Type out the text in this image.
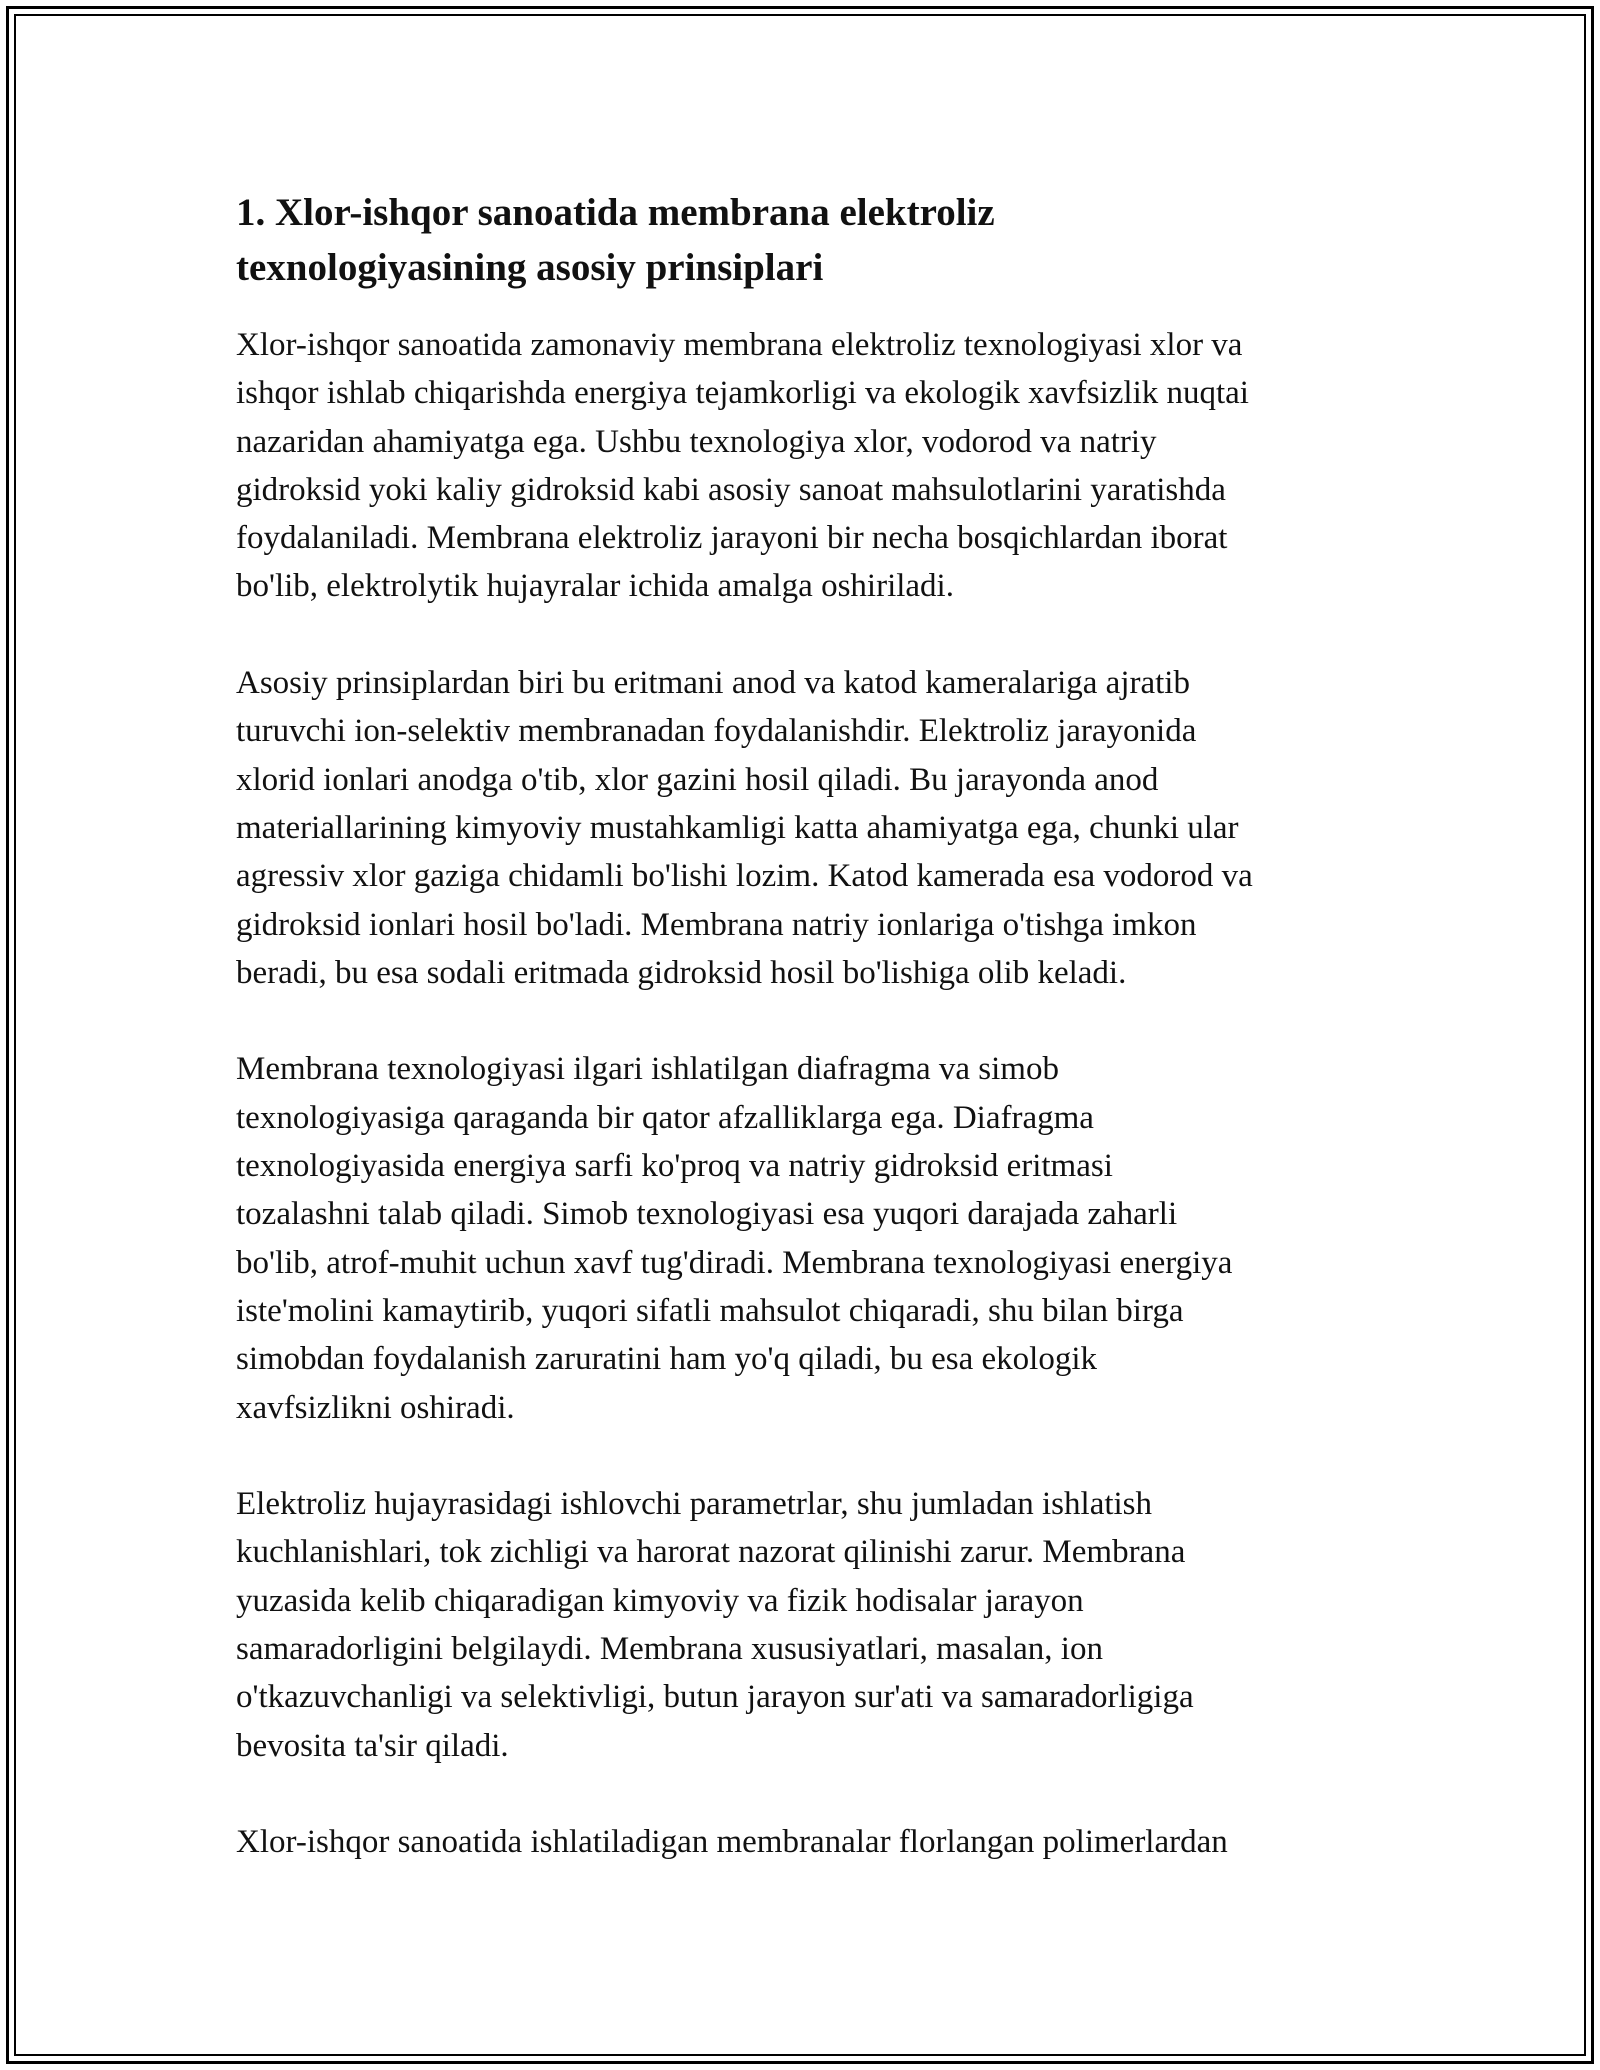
1. Xlor-ishqor sanoatida membrana elektroliz
texnologiyasining asosiy prinsiplari

Xlor-ishqor sanoatida zamonaviy membrana elektroliz texnologiyasi xlor va
ishqor ishlab chiqarishda energiya tejamkorligi va ekologik xavfsizlik nuqtai
nazaridan ahamiyatga ega. Ushbu texnologiya xlor, vodorod va natriy
gidroksid yoki kaliy gidroksid kabi asosiy sanoat mahsulotlarini yaratishda
foydalaniladi. Membrana elektroliz jarayoni bir necha bosqichlardan iborat
bo'lib, elektrolytik hujayralar ichida amalga oshiriladi.

Asosiy prinsiplardan biri bu eritmani anod va katod kameralariga ajratib
turuvchi ion-selektiv membranadan foydalanishdir. Elektroliz jarayonida
xlorid ionlari anodga o'tib, xlor gazini hosil qiladi. Bu jarayonda anod
materiallarining kimyoviy mustahkamligi katta ahamiyatga ega, chunki ular
agressiv xlor gaziga chidamli bo'lishi lozim. Katod kamerada esa vodorod va
gidroksid ionlari hosil bo'ladi. Membrana natriy ionlariga o'tishga imkon
beradi, bu esa sodali eritmada gidroksid hosil bo'lishiga olib keladi.

Membrana texnologiyasi ilgari ishlatilgan diafragma va simob
texnologiyasiga qaraganda bir qator afzalliklarga ega. Diafragma
texnologiyasida energiya sarfi ko'proq va natriy gidroksid eritmasi
tozalashni talab qiladi. Simob texnologiyasi esa yuqori darajada zaharli
bo'lib, atrof-muhit uchun xavf tug'diradi. Membrana texnologiyasi energiya
iste'molini kamaytirib, yuqori sifatli mahsulot chiqaradi, shu bilan birga
simobdan foydalanish zaruratini ham yo'q qiladi, bu esa ekologik
xavfsizlikni oshiradi.

Elektroliz hujayrasidagi ishlovchi parametrlar, shu jumladan ishlatish
kuchlanishlari, tok zichligi va harorat nazorat qilinishi zarur. Membrana
yuzasida kelib chiqaradigan kimyoviy va fizik hodisalar jarayon
samaradorligini belgilaydi. Membrana xususiyatlari, masalan, ion
o'tkazuvchanligi va selektivligi, butun jarayon sur'ati va samaradorligiga
bevosita ta'sir qiladi.

Xlor-ishqor sanoatida ishlatiladigan membranalar florlangan polimerlardan
